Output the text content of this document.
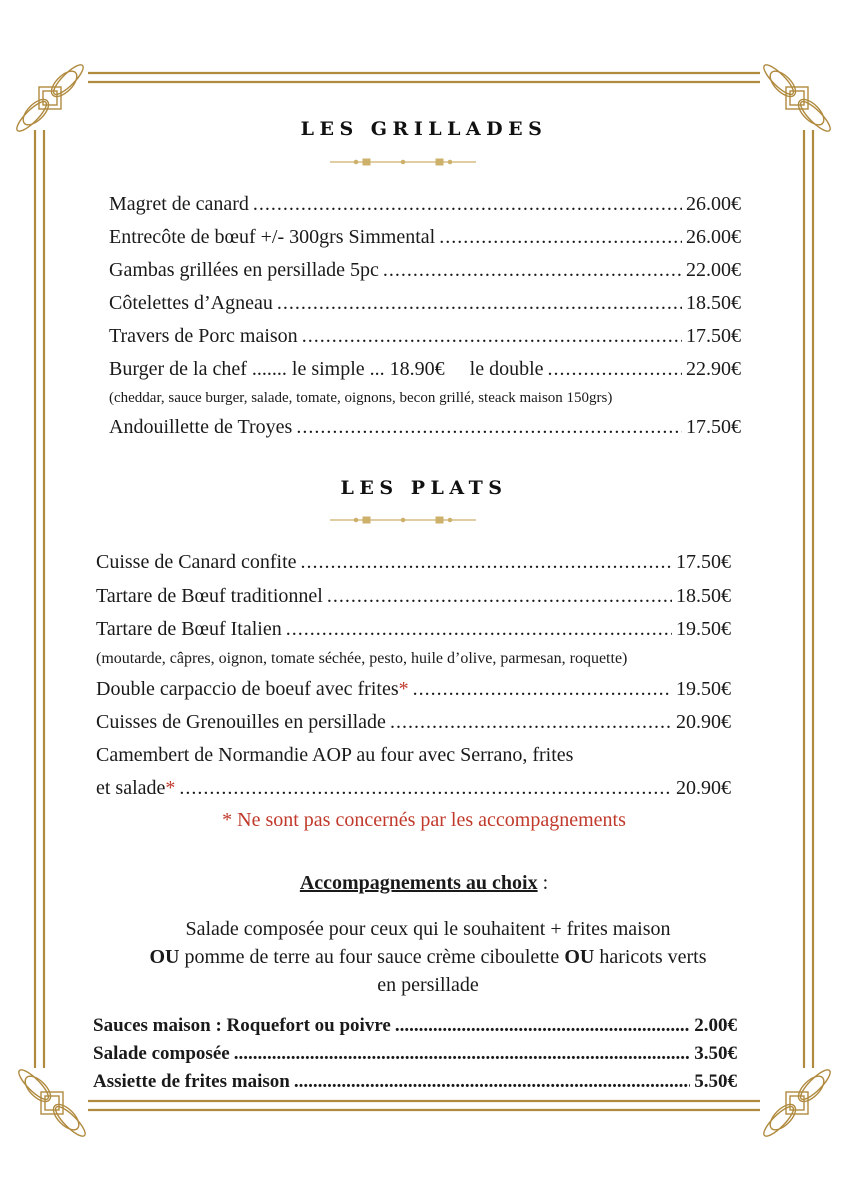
LES GRILLADES
Magret de canard .....	26.00€
Entrecôte de bœuf +/- 300grs Simmental .....	26.00€
Gambas grillées en persillade 5pc .....	22.00€
Côtelettes d’Agneau .....	18.50€
Travers de Porc maison .....	17.50€
Burger de la chef ....... le simple ... 18.90€     le double .....	22.90€
(cheddar, sauce burger, salade, tomate, oignons, becon grillé, steack maison 150grs)
Andouillette de Troyes .....	17.50€
LES PLATS
Cuisse de Canard confite .....	17.50€
Tartare de Bœuf traditionnel .....	18.50€
Tartare de Bœuf Italien .....	19.50€
(moutarde, câpres, oignon, tomate séchée, pesto, huile d’olive, parmesan, roquette)
Double carpaccio de boeuf avec frites* .....	19.50€
Cuisses de Grenouilles en persillade .....	20.90€
Camembert de Normandie AOP au four avec Serrano, frites
et salade* .....	20.90€
* Ne sont pas concernés par les accompagnements
Accompagnements au choix :
Salade composée pour ceux qui le souhaitent + frites maison
OU pomme de terre au four sauce crème ciboulette OU haricots verts
en persillade
Sauces maison : Roquefort ou poivre .....	2.00€
Salade composée .....	3.50€
Assiette de frites maison .....	5.50€
